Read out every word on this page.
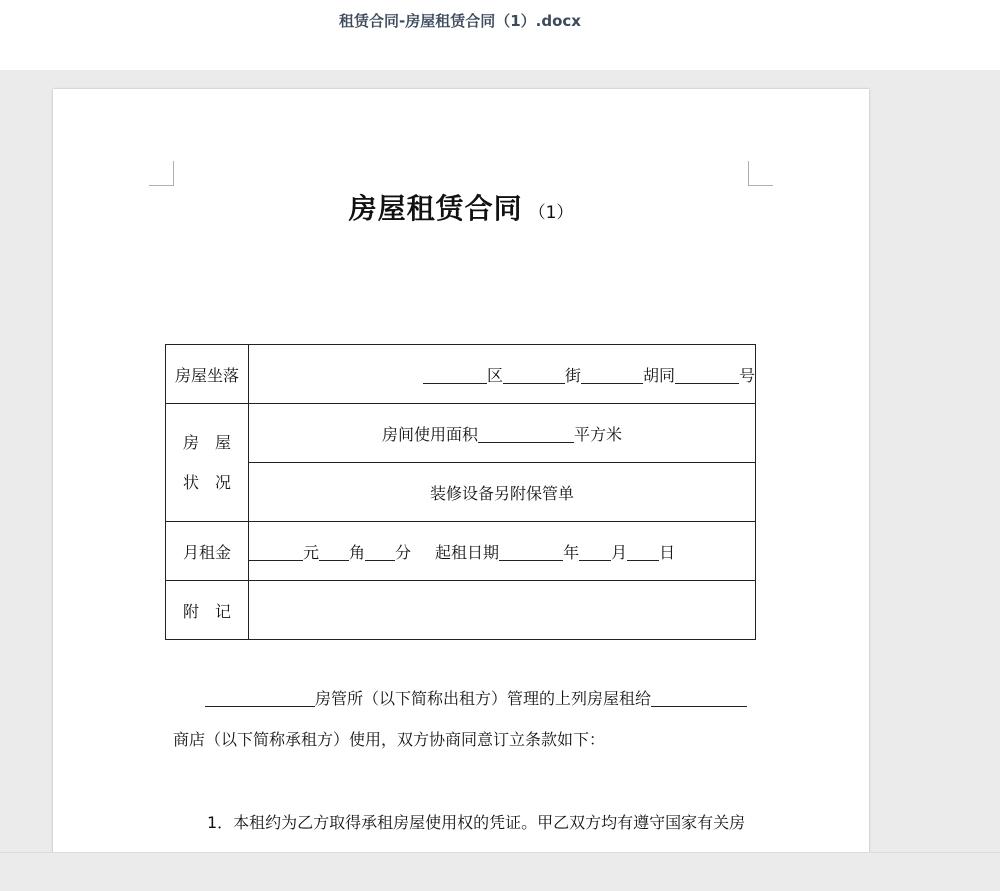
租赁合同-房屋租赁合同（1）.docx
房屋租赁合同 （1）
房屋坐落	区 街 胡同 号

房　屋
状　况	房间使用面积 平方米
	装修设备另附保管单
月租金	元 角 分 起租日期 年 月 日
附　记	
房管所（以下简称出租方）管理的上列房屋租给
商店（以下简称承租方）使用，双方协商同意订立条款如下：
1．本租约为乙方取得承租房屋使用权的凭证。甲乙双方均有遵守国家有关房
